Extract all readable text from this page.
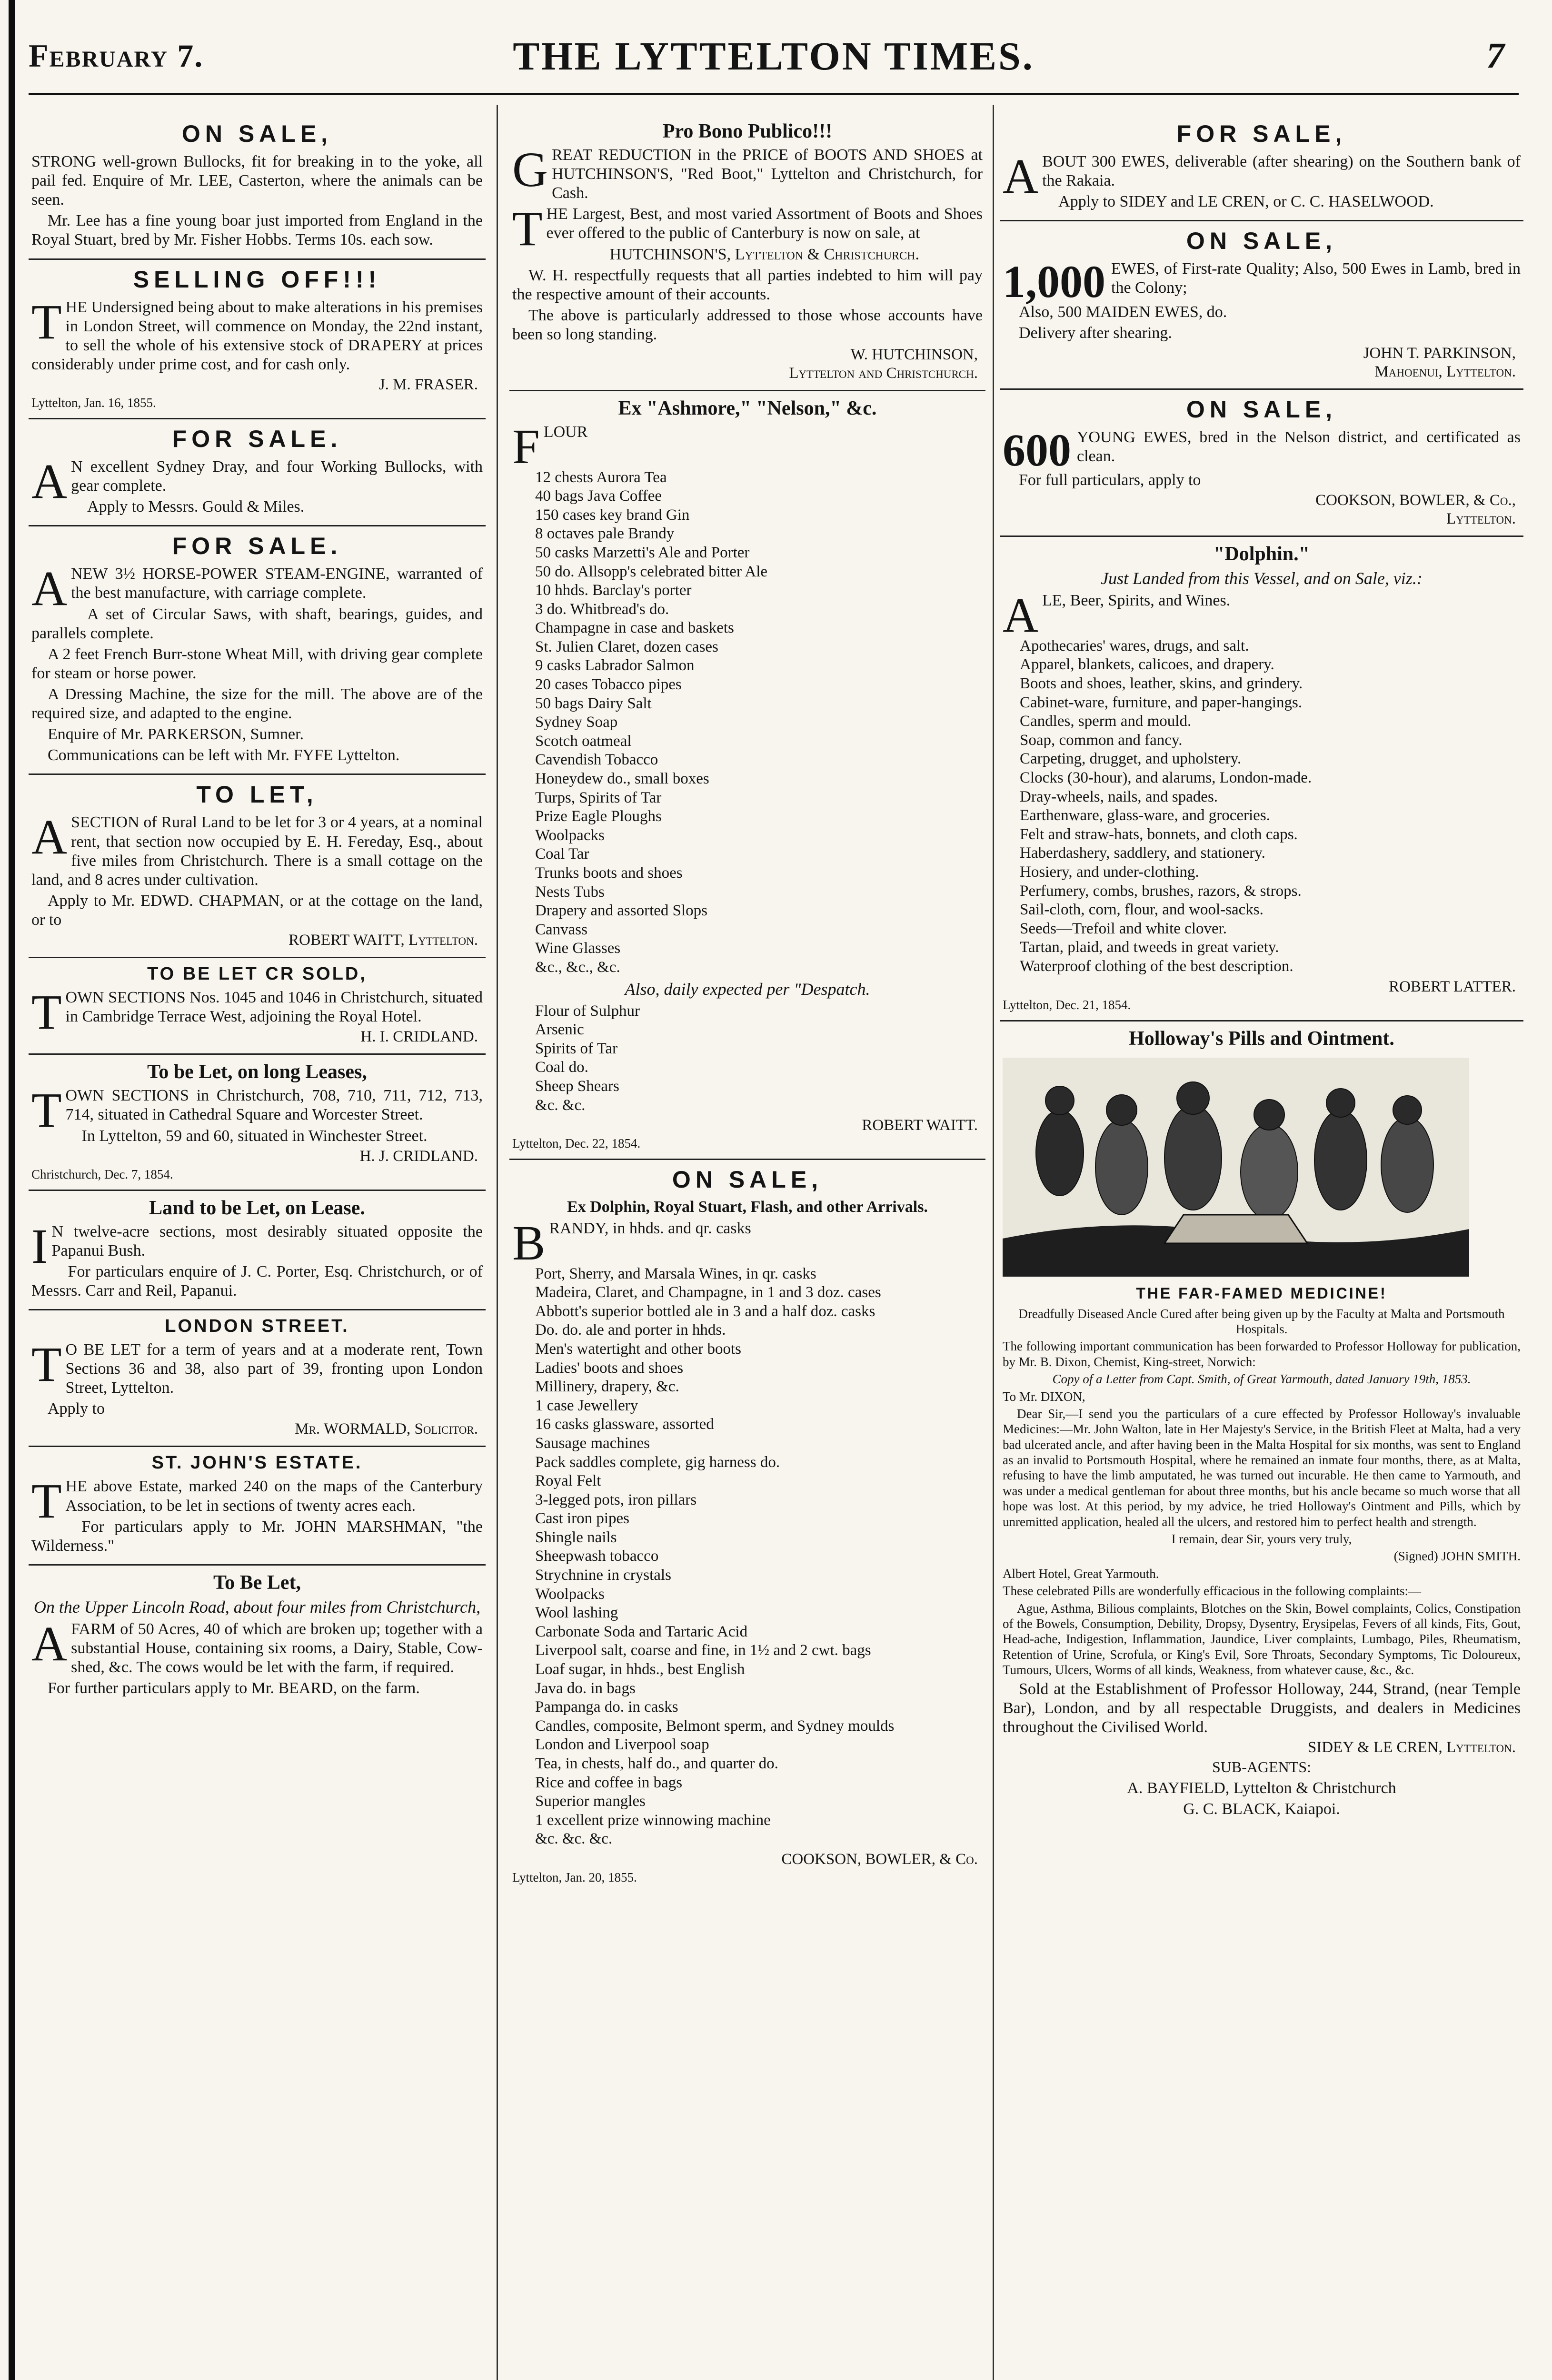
February 7.	THE LYTTELTON TIMES.	7
ON SALE,

STRONG well-grown Bullocks, fit for breaking in to the yoke, all pail fed. Enquire of Mr. LEE, Casterton, where the animals can be seen.

Mr. Lee has a fine young boar just imported from England in the Royal Stuart, bred by Mr. Fisher Hobbs. Terms 10s. each sow.

SELLING OFF!!!

THE Undersigned being about to make alterations in his premises in London Street, will commence on Monday, the 22nd instant, to sell the whole of his extensive stock of DRAPERY at prices considerably under prime cost, and for cash only.

J. M. FRASER.
Lyttelton, Jan. 16, 1855.
FOR SALE.

A N excellent Sydney Dray, and four Working Bullocks, with gear complete.

Apply to Messrs. Gould & Miles.

FOR SALE.

ANEW 3½ HORSE-POWER STEAM-ENGINE, warranted of the best manufacture, with carriage complete.

A set of Circular Saws, with shaft, bearings, guides, and parallels complete.

A 2 feet French Burr-stone Wheat Mill, with driving gear complete for steam or horse power.

A Dressing Machine, the size for the mill. The above are of the required size, and adapted to the engine.

Enquire of Mr. PARKERSON, Sumner.

Communications can be left with Mr. FYFE Lyttelton.

TO LET,

ASECTION of Rural Land to be let for 3 or 4 years, at a nominal rent, that section now occupied by E. H. Fereday, Esq., about five miles from Christchurch. There is a small cottage on the land, and 8 acres under cultivation.

Apply to Mr. EDWD. CHAPMAN, or at the cottage on the land, or to

ROBERT WAITT, Lyttelton.
TO BE LET CR SOLD,

TOWN SECTIONS Nos. 1045 and 1046 in Christchurch, situated in Cambridge Terrace West, adjoining the Royal Hotel.

H. I. CRIDLAND.
To be Let, on long Leases,

TOWN SECTIONS in Christchurch, 708, 710, 711, 712, 713, 714, situated in Cathedral Square and Worcester Street.

In Lyttelton, 59 and 60, situated in Winchester Street.

H. J. CRIDLAND.
Christchurch, Dec. 7, 1854.
Land to be Let, on Lease.

I N twelve-acre sections, most desirably situated opposite the Papanui Bush.

For particulars enquire of J. C. Porter, Esq. Christchurch, or of Messrs. Carr and Reil, Papanui.

LONDON STREET.

T O BE LET for a term of years and at a moderate rent, Town Sections 36 and 38, also part of 39, fronting upon London Street, Lyttelton.

Apply to

Mr. WORMALD, Solicitor.
ST. JOHN'S ESTATE.

THE above Estate, marked 240 on the maps of the Canterbury Association, to be let in sections of twenty acres each.

For particulars apply to Mr. JOHN MARSHMAN, "the Wilderness."

To Be Let,
On the Upper Lincoln Road, about four miles from Christchurch,

AFARM of 50 Acres, 40 of which are broken up; together with a substantial House, containing six rooms, a Dairy, Stable, Cow-shed, &c. The cows would be let with the farm, if required.

For further particulars apply to Mr. BEARD, on the farm.

Pro Bono Publico!!!

GREAT REDUCTION in the PRICE of BOOTS AND SHOES at HUTCHINSON'S, "Red Boot," Lyttelton and Christchurch, for Cash.

THE Largest, Best, and most varied Assortment of Boots and Shoes ever offered to the public of Canterbury is now on sale, at

HUTCHINSON'S, Lyttelton & Christchurch.

W. H. respectfully requests that all parties indebted to him will pay the respective amount of their accounts.

The above is particularly addressed to those whose accounts have been so long standing.

W. HUTCHINSON,
Lyttelton and Christchurch.
Ex "Ashmore," "Nelson," &c.

FLOUR

12 chests Aurora Tea
40 bags Java Coffee
150 cases key brand Gin
8 octaves pale Brandy
50 casks Marzetti's Ale and Porter
50 do. Allsopp's celebrated bitter Ale
10 hhds. Barclay's porter
3 do. Whitbread's do.
Champagne in case and baskets
St. Julien Claret, dozen cases
9 casks Labrador Salmon
20 cases Tobacco pipes
50 bags Dairy Salt
Sydney Soap
Scotch oatmeal
Cavendish Tobacco
Honeydew do., small boxes
Turps, Spirits of Tar
Prize Eagle Ploughs
Woolpacks
Coal Tar
Trunks boots and shoes
Nests Tubs
Drapery and assorted Slops
Canvass
Wine Glasses
&c., &c., &c.
Also, daily expected per "Despatch.
Flour of Sulphur
Arsenic
Spirits of Tar
Coal do.
Sheep Shears
&c. &c.
ROBERT WAITT.
Lyttelton, Dec. 22, 1854.
ON SALE,
Ex Dolphin, Royal Stuart, Flash, and other Arrivals.

BRANDY, in hhds. and qr. casks

Port, Sherry, and Marsala Wines, in qr. casks
Madeira, Claret, and Champagne, in 1 and 3 doz. cases
Abbott's superior bottled ale in 3 and a half doz. casks
Do. do. ale and porter in hhds.
Men's watertight and other boots
Ladies' boots and shoes
Millinery, drapery, &c.
1 case Jewellery
16 casks glassware, assorted
Sausage machines
Pack saddles complete, gig harness do.
Royal Felt
3-legged pots, iron pillars
Cast iron pipes
Shingle nails
Sheepwash tobacco
Strychnine in crystals
Woolpacks
Wool lashing
Carbonate Soda and Tartaric Acid
Liverpool salt, coarse and fine, in 1½ and 2 cwt. bags
Loaf sugar, in hhds., best English
Java do. in bags
Pampanga do. in casks
Candles, composite, Belmont sperm, and Sydney moulds
London and Liverpool soap
Tea, in chests, half do., and quarter do.
Rice and coffee in bags
Superior mangles
1 excellent prize winnowing machine
&c. &c. &c.
COOKSON, BOWLER, & Co.
Lyttelton, Jan. 20, 1855.
FOR SALE,

ABOUT 300 EWES, deliverable (after shearing) on the Southern bank of the Rakaia.

Apply to SIDEY and LE CREN, or C. C. HASELWOOD.

ON SALE,

1,000 EWES, of First-rate Quality; Also, 500 Ewes in Lamb, bred in the Colony;

Also, 500 MAIDEN EWES, do.

Delivery after shearing.

JOHN T. PARKINSON,
Mahoenui, Lyttelton.
ON SALE,

600 YOUNG EWES, bred in the Nelson district, and certificated as clean.

For full particulars, apply to

COOKSON, BOWLER, & Co.,
Lyttelton.
"Dolphin."
Just Landed from this Vessel, and on Sale, viz.:

ALE, Beer, Spirits, and Wines.

Apothecaries' wares, drugs, and salt.
Apparel, blankets, calicoes, and drapery.
Boots and shoes, leather, skins, and grindery.
Cabinet-ware, furniture, and paper-hangings.
Candles, sperm and mould.
Soap, common and fancy.
Carpeting, drugget, and upholstery.
Clocks (30-hour), and alarums, London-made.
Dray-wheels, nails, and spades.
Earthenware, glass-ware, and groceries.
Felt and straw-hats, bonnets, and cloth caps.
Haberdashery, saddlery, and stationery.
Hosiery, and under-clothing.
Perfumery, combs, brushes, razors, & strops.
Sail-cloth, corn, flour, and wool-sacks.
Seeds—Trefoil and white clover.
Tartan, plaid, and tweeds in great variety.
Waterproof clothing of the best description.
ROBERT LATTER.
Lyttelton, Dec. 21, 1854.
Holloway's Pills and Ointment.
THE FAR-FAMED MEDICINE!

Dreadfully Diseased Ancle Cured after being given up by the Faculty at Malta and Portsmouth Hospitals.

The following important communication has been forwarded to Professor Holloway for publication, by Mr. B. Dixon, Chemist, King-street, Norwich:

Copy of a Letter from Capt. Smith, of Great Yarmouth, dated January 19th, 1853.

To Mr. DIXON,

Dear Sir,—I send you the particulars of a cure effected by Professor Holloway's invaluable Medicines:—Mr. John Walton, late in Her Majesty's Service, in the British Fleet at Malta, had a very bad ulcerated ancle, and after having been in the Malta Hospital for six months, was sent to England as an invalid to Portsmouth Hospital, where he remained an inmate four months, there, as at Malta, refusing to have the limb amputated, he was turned out incurable. He then came to Yarmouth, and was under a medical gentleman for about three months, but his ancle became so much worse that all hope was lost. At this period, by my advice, he tried Holloway's Ointment and Pills, which by unremitted application, healed all the ulcers, and restored him to perfect health and strength.

I remain, dear Sir, yours very truly,

(Signed) JOHN SMITH.

Albert Hotel, Great Yarmouth.

These celebrated Pills are wonderfully efficacious in the following complaints:—

Ague, Asthma, Bilious complaints, Blotches on the Skin, Bowel complaints, Colics, Constipation of the Bowels, Consumption, Debility, Dropsy, Dysentry, Erysipelas, Fevers of all kinds, Fits, Gout, Head-ache, Indigestion, Inflammation, Jaundice, Liver complaints, Lumbago, Piles, Rheumatism, Retention of Urine, Scrofula, or King's Evil, Sore Throats, Secondary Symptoms, Tic Doloureux, Tumours, Ulcers, Worms of all kinds, Weakness, from whatever cause, &c., &c.

Sold at the Establishment of Professor Holloway, 244, Strand, (near Temple Bar), London, and by all respectable Druggists, and dealers in Medicines throughout the Civilised World.

SIDEY & LE CREN, Lyttelton.
SUB-AGENTS:
A. BAYFIELD, Lyttelton & Christchurch
G. C. BLACK, Kaiapoi.
